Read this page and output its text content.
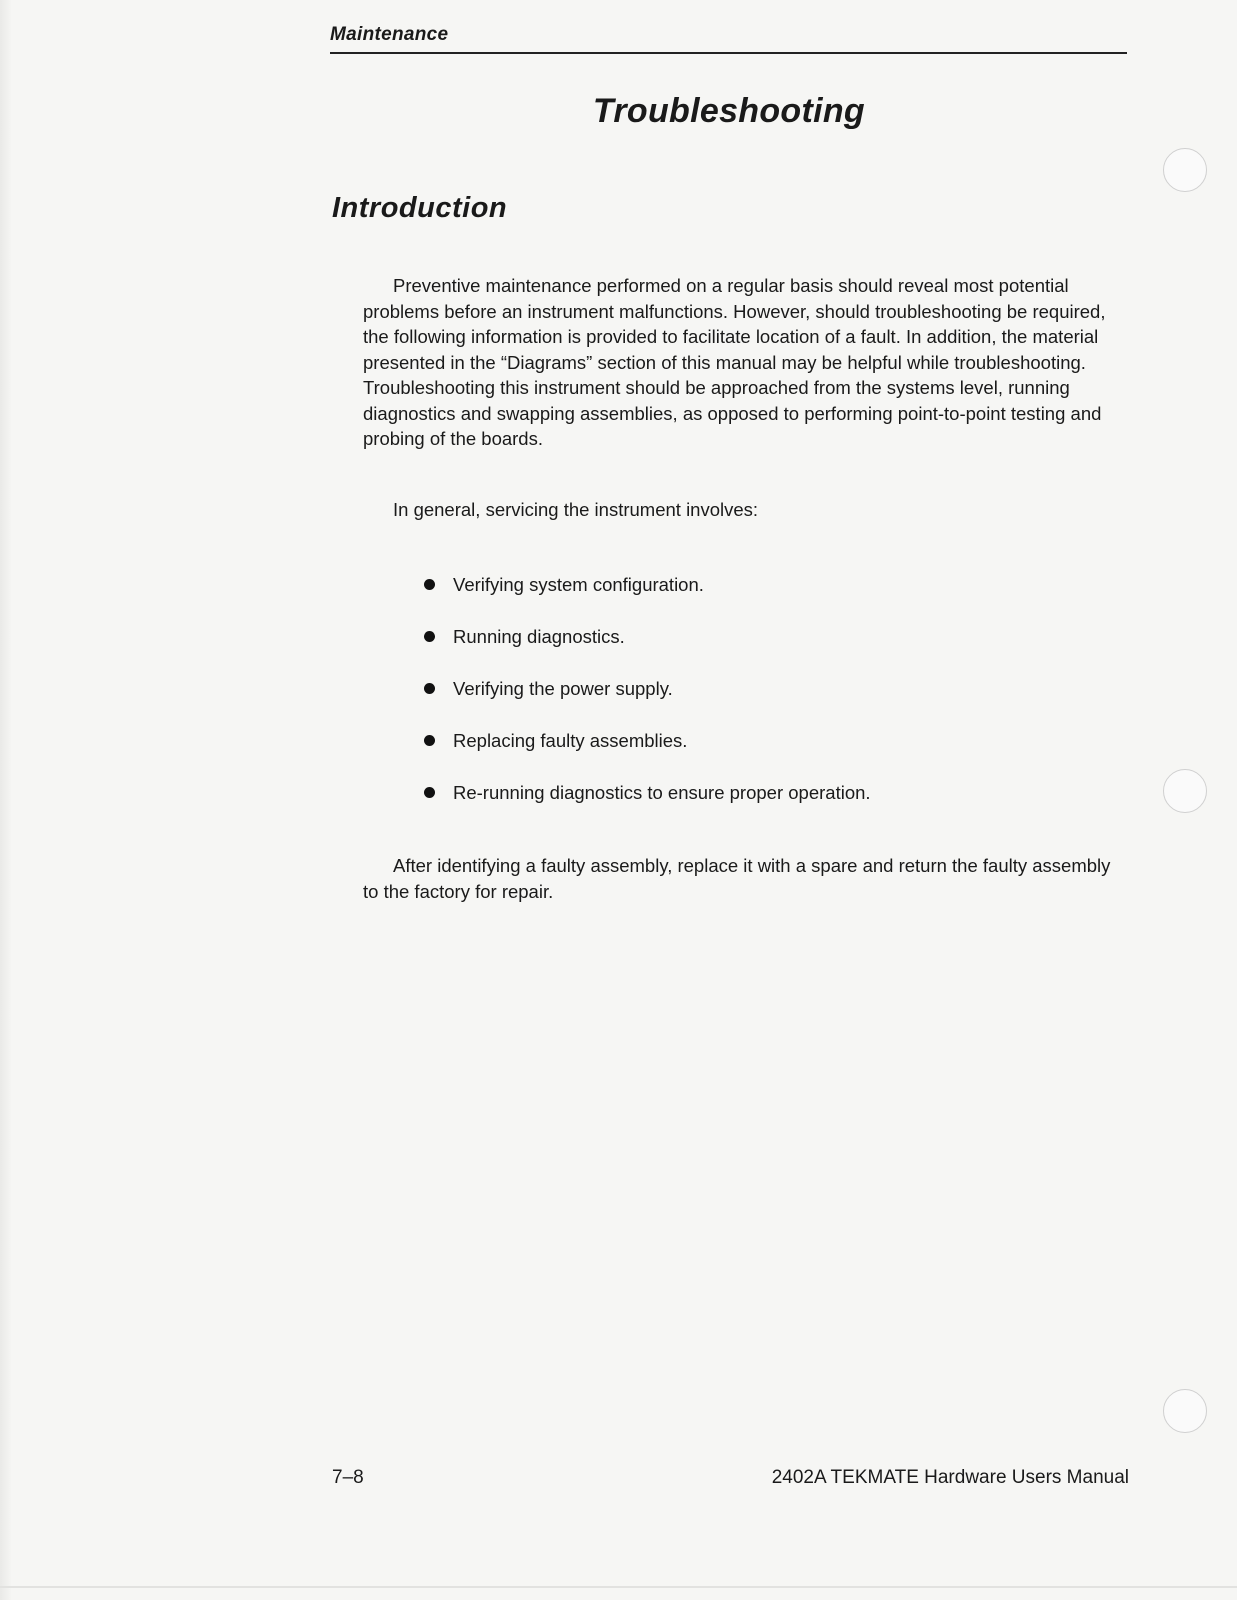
Maintenance
Troubleshooting
Introduction

Preventive maintenance performed on a regular basis should reveal most potential problems before an instrument malfunctions. However, should troubleshooting be required, the following information is provided to facilitate location of a fault. In addition, the material presented in the “Diagrams” section of this manual may be helpful while troubleshooting. Troubleshooting this instrument should be approached from the systems level, running diagnostics and swapping assemblies, as opposed to performing point-to-point testing and probing of the boards.

In general, servicing the instrument involves:

Verifying system configuration.
Running diagnostics.
Verifying the power supply.
Replacing faulty assemblies.
Re-running diagnostics to ensure proper operation.

After identifying a faulty assembly, replace it with a spare and return the faulty assembly to the factory for repair.

7–8	2402A TEKMATE Hardware Users Manual
